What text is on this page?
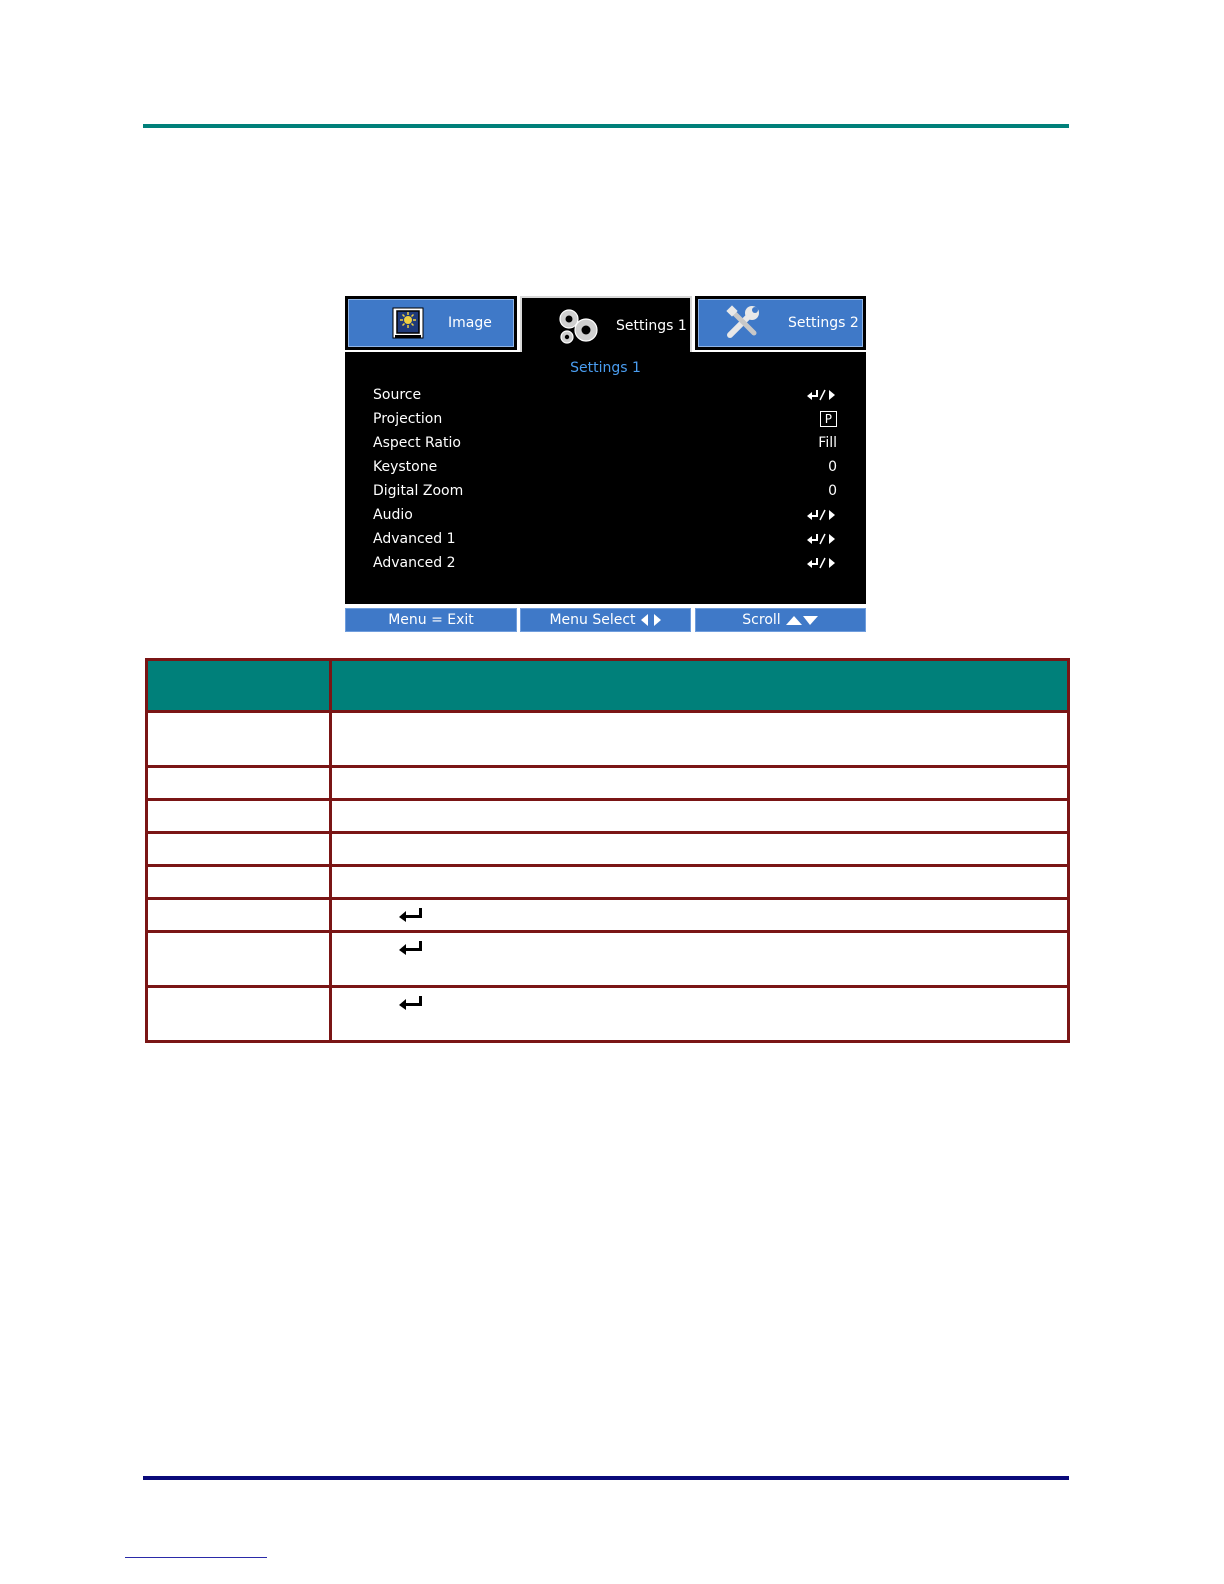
Image	Settings 1	Settings 2
Settings 1
Source
Projection	P
Aspect Ratio	Fill
Keystone	0
Digital Zoom	0
Audio
Advanced 1
Advanced 2
Menu = Exit	Menu Select	Scroll
